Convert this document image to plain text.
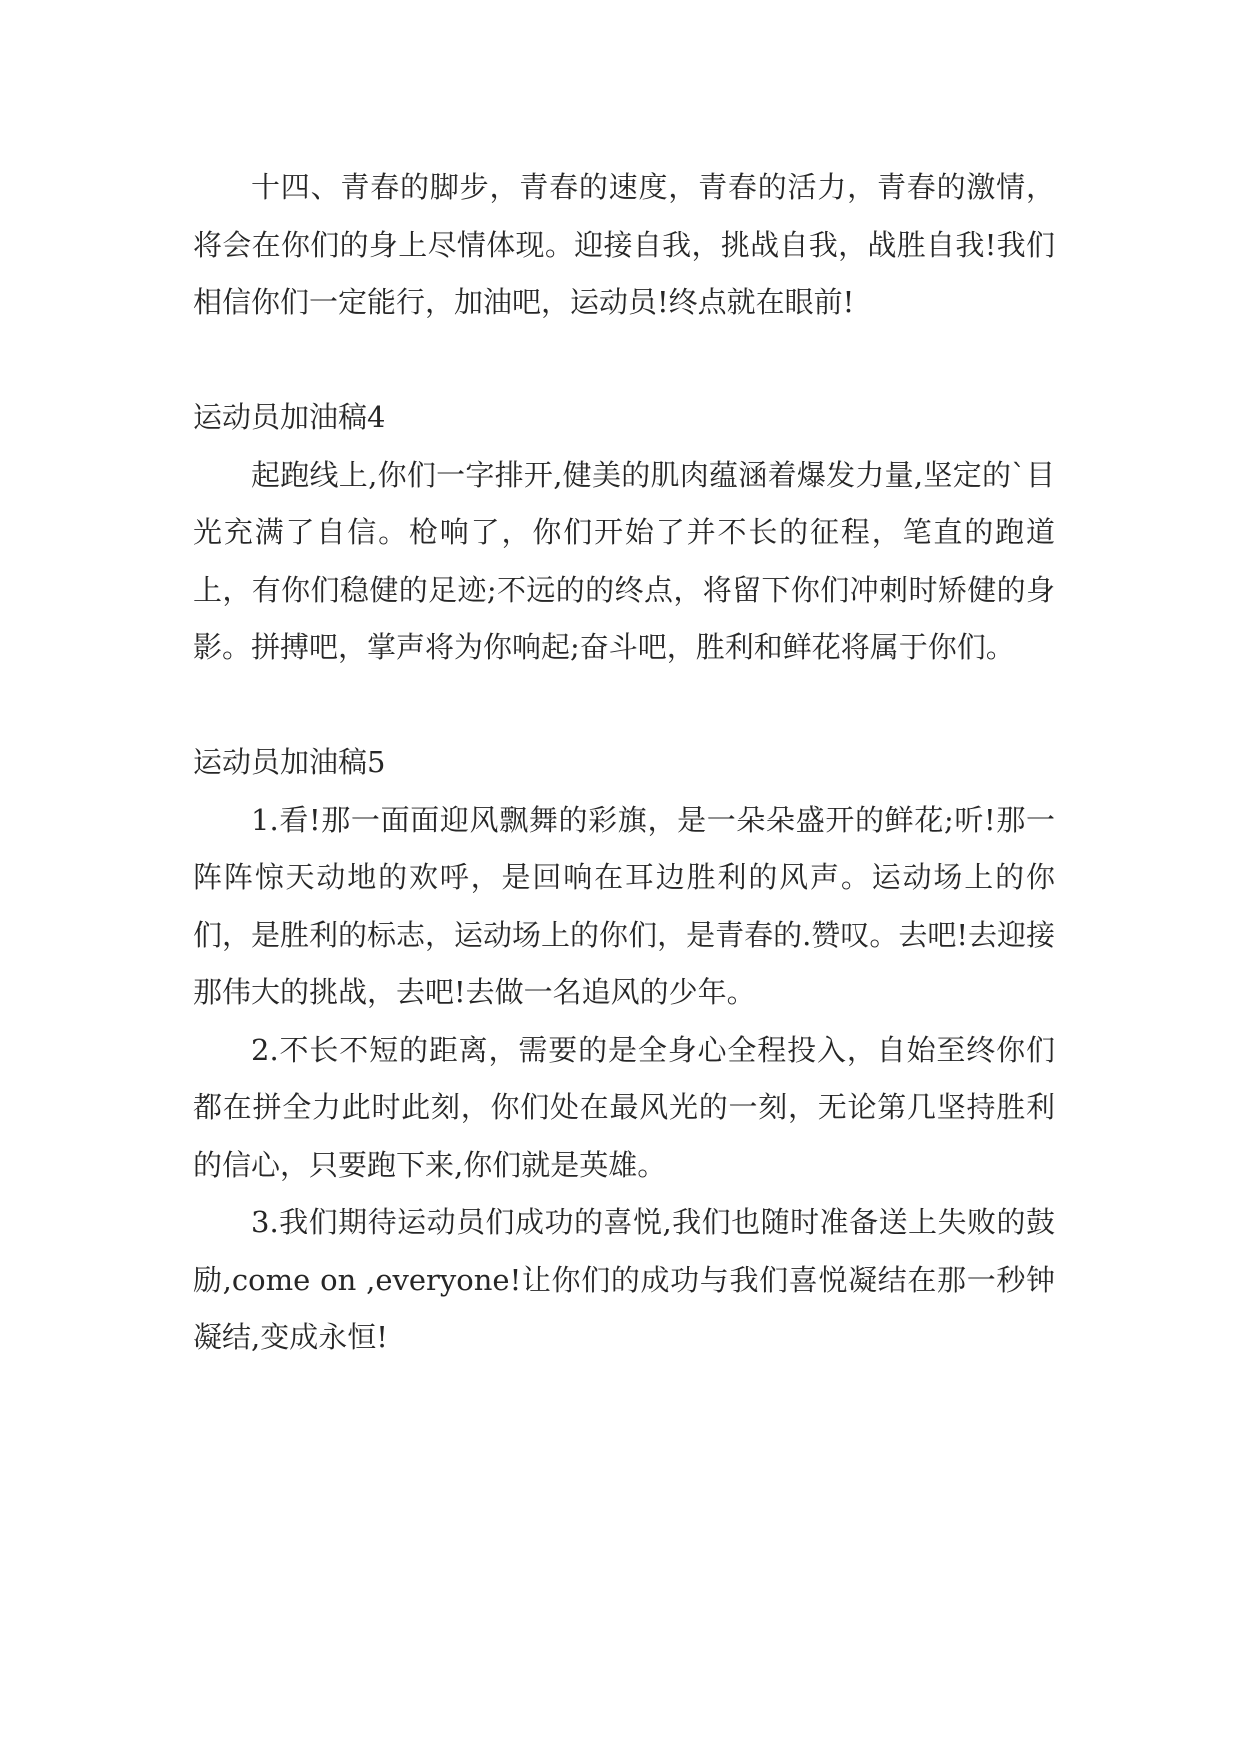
十四、青春的脚步，青春的速度，青春的活力，青春的激情，将会在你们的身上尽情体现。迎接自我，挑战自我，战胜自我!我们相信你们一定能行，加油吧，运动员!终点就在眼前!

运动员加油稿4

起跑线上,你们一字排开,健美的肌肉蕴涵着爆发力量,坚定的`目光充满了自信。枪响了，你们开始了并不长的征程，笔直的跑道上，有你们稳健的足迹;不远的的终点，将留下你们冲刺时矫健的身影。拼搏吧，掌声将为你响起;奋斗吧，胜利和鲜花将属于你们。

运动员加油稿5

1.看!那一面面迎风飘舞的彩旗，是一朵朵盛开的鲜花;听!那一阵阵惊天动地的欢呼，是回响在耳边胜利的风声。运动场上的你们，是胜利的标志，运动场上的你们，是青春的.赞叹。去吧!去迎接那伟大的挑战，去吧!去做一名追风的少年。

2.不长不短的距离，需要的是全身心全程投入，自始至终你们都在拼全力此时此刻，你们处在最风光的一刻，无论第几坚持胜利的信心，只要跑下来,你们就是英雄。

3.我们期待运动员们成功的喜悦,我们也随时准备送上失败的鼓励,come on ,everyone!让你们的成功与我们喜悦凝结在那一秒钟凝结,变成永恒!
